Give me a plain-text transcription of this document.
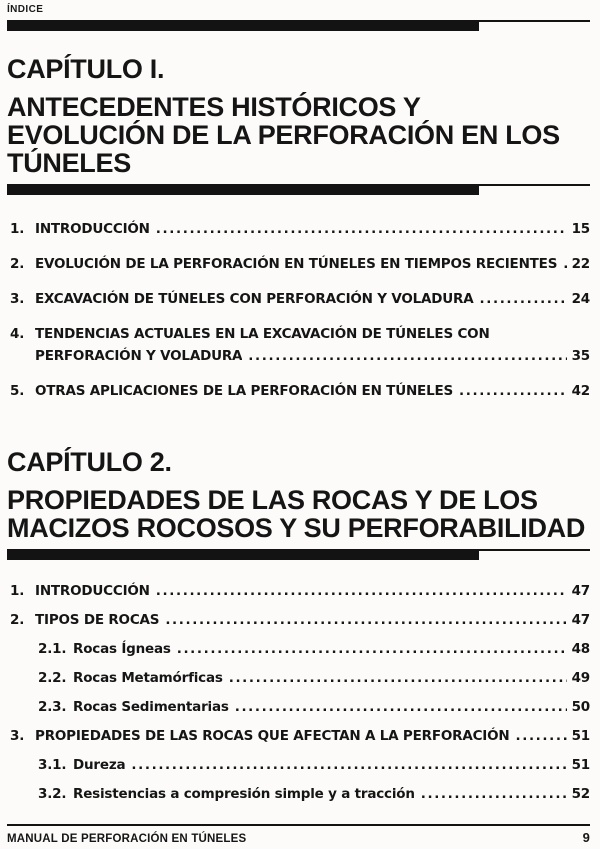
ÍNDICE
CAPÍTULO I.
ANTECEDENTES HISTÓRICOS Y
EVOLUCIÓN DE LA PERFORACIÓN EN LOS
TÚNELES
1. INTRODUCCIÓN .....	15
2. EVOLUCIÓN DE LA PERFORACIÓN EN TÚNELES EN TIEMPOS RECIENTES ..... 22
3. EXCAVACIÓN DE TÚNELES CON PERFORACIÓN Y VOLADURA .....	24
4. TENDENCIAS ACTUALES EN LA EXCAVACIÓN DE TÚNELES CON
PERFORACIÓN Y VOLADURA .....	35
5. OTRAS APLICACIONES DE LA PERFORACIÓN EN TÚNELES .....	42
CAPÍTULO 2.
PROPIEDADES DE LAS ROCAS Y DE LOS
MACIZOS ROCOSOS Y SU PERFORABILIDAD
1. INTRODUCCIÓN .....	47
2. TIPOS DE ROCAS .....	47
2.1. Rocas Ígneas .....	48
2.2. Rocas Metamórficas .....	49
2.3. Rocas Sedimentarias .....	50
3. PROPIEDADES DE LAS ROCAS QUE AFECTAN A LA PERFORACIÓN .....	51
3.1. Dureza .....	51
3.2. Resistencias a compresión simple y a tracción .....	52
MANUAL DE PERFORACIÓN EN TÚNELES	9
